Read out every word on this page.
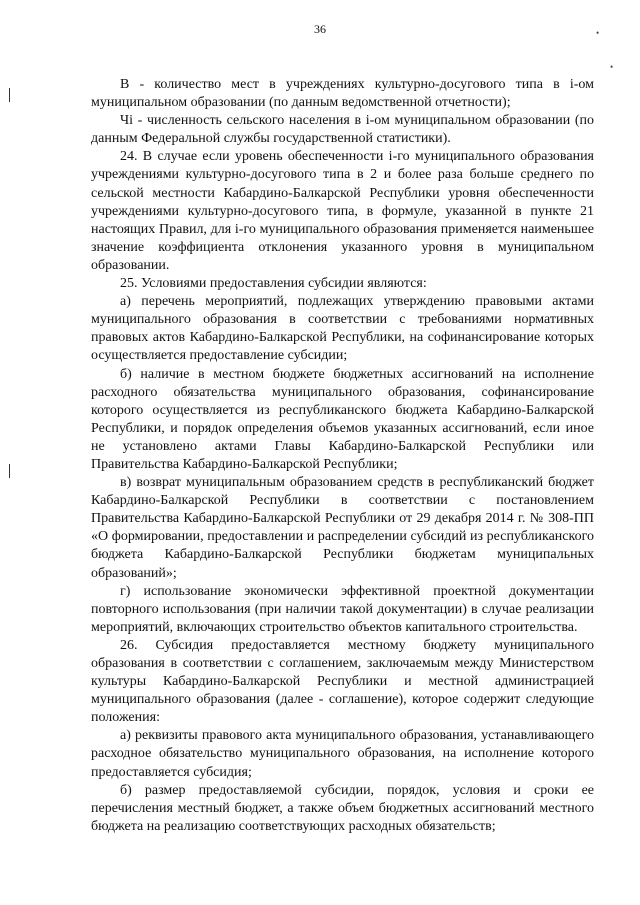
36	•
•

B - количество мест в учреждениях культурно-досугового типа в i-ом муниципальном образовании (по данным ведомственной отчетности);

Чi - численность сельского населения в i-ом муниципальном образовании (по данным Федеральной службы государственной статистики).

24. В случае если уровень обеспеченности i-го муниципального образования учреждениями культурно-досугового типа в 2 и более раза больше среднего по сельской местности Кабардино-Балкарской Республики уровня обеспеченности учреждениями культурно-досугового типа, в формуле, указанной в пункте 21 настоящих Правил, для i-го муниципального образования применяется наименьшее значение коэффициента отклонения указанного уровня в муниципальном образовании.

25. Условиями предоставления субсидии являются:

а) перечень мероприятий, подлежащих утверждению правовыми актами муниципального образования в соответствии с требованиями нормативных правовых актов Кабардино-Балкарской Республики, на софинансирование которых осуществляется предоставление субсидии;

б) наличие в местном бюджете бюджетных ассигнований на исполнение расходного обязательства муниципального образования, софинансирование которого осуществляется из республиканского бюджета Кабардино-Балкарской Республики, и порядок определения объемов указанных ассигнований, если иное не установлено актами Главы Кабардино-Балкарской Республики или Правительства Кабардино-Балкарской Республики;

в) возврат муниципальным образованием средств в республиканский бюджет Кабардино-Балкарской Республики в соответствии с постановлением Правительства Кабардино-Балкарской Республики от 29 декабря 2014 г. № 308-ПП «О формировании, предоставлении и распределении субсидий из республиканского бюджета Кабардино-Балкарской Республики бюджетам муниципальных образований»;

г) использование экономически эффективной проектной документации повторного использования (при наличии такой документации) в случае реализации мероприятий, включающих строительство объектов капитального строительства.

26. Субсидия предоставляется местному бюджету муниципального образования в соответствии с соглашением, заключаемым между Министерством культуры Кабардино-Балкарской Республики и местной администрацией муниципального образования (далее - соглашение), которое содержит следующие положения:

а) реквизиты правового акта муниципального образования, устанавливающего расходное обязательство муниципального образования, на исполнение которого предоставляется субсидия;

б) размер предоставляемой субсидии, порядок, условия и сроки ее перечисления местный бюджет, а также объем бюджетных ассигнований местного бюджета на реализацию соответствующих расходных обязательств;
